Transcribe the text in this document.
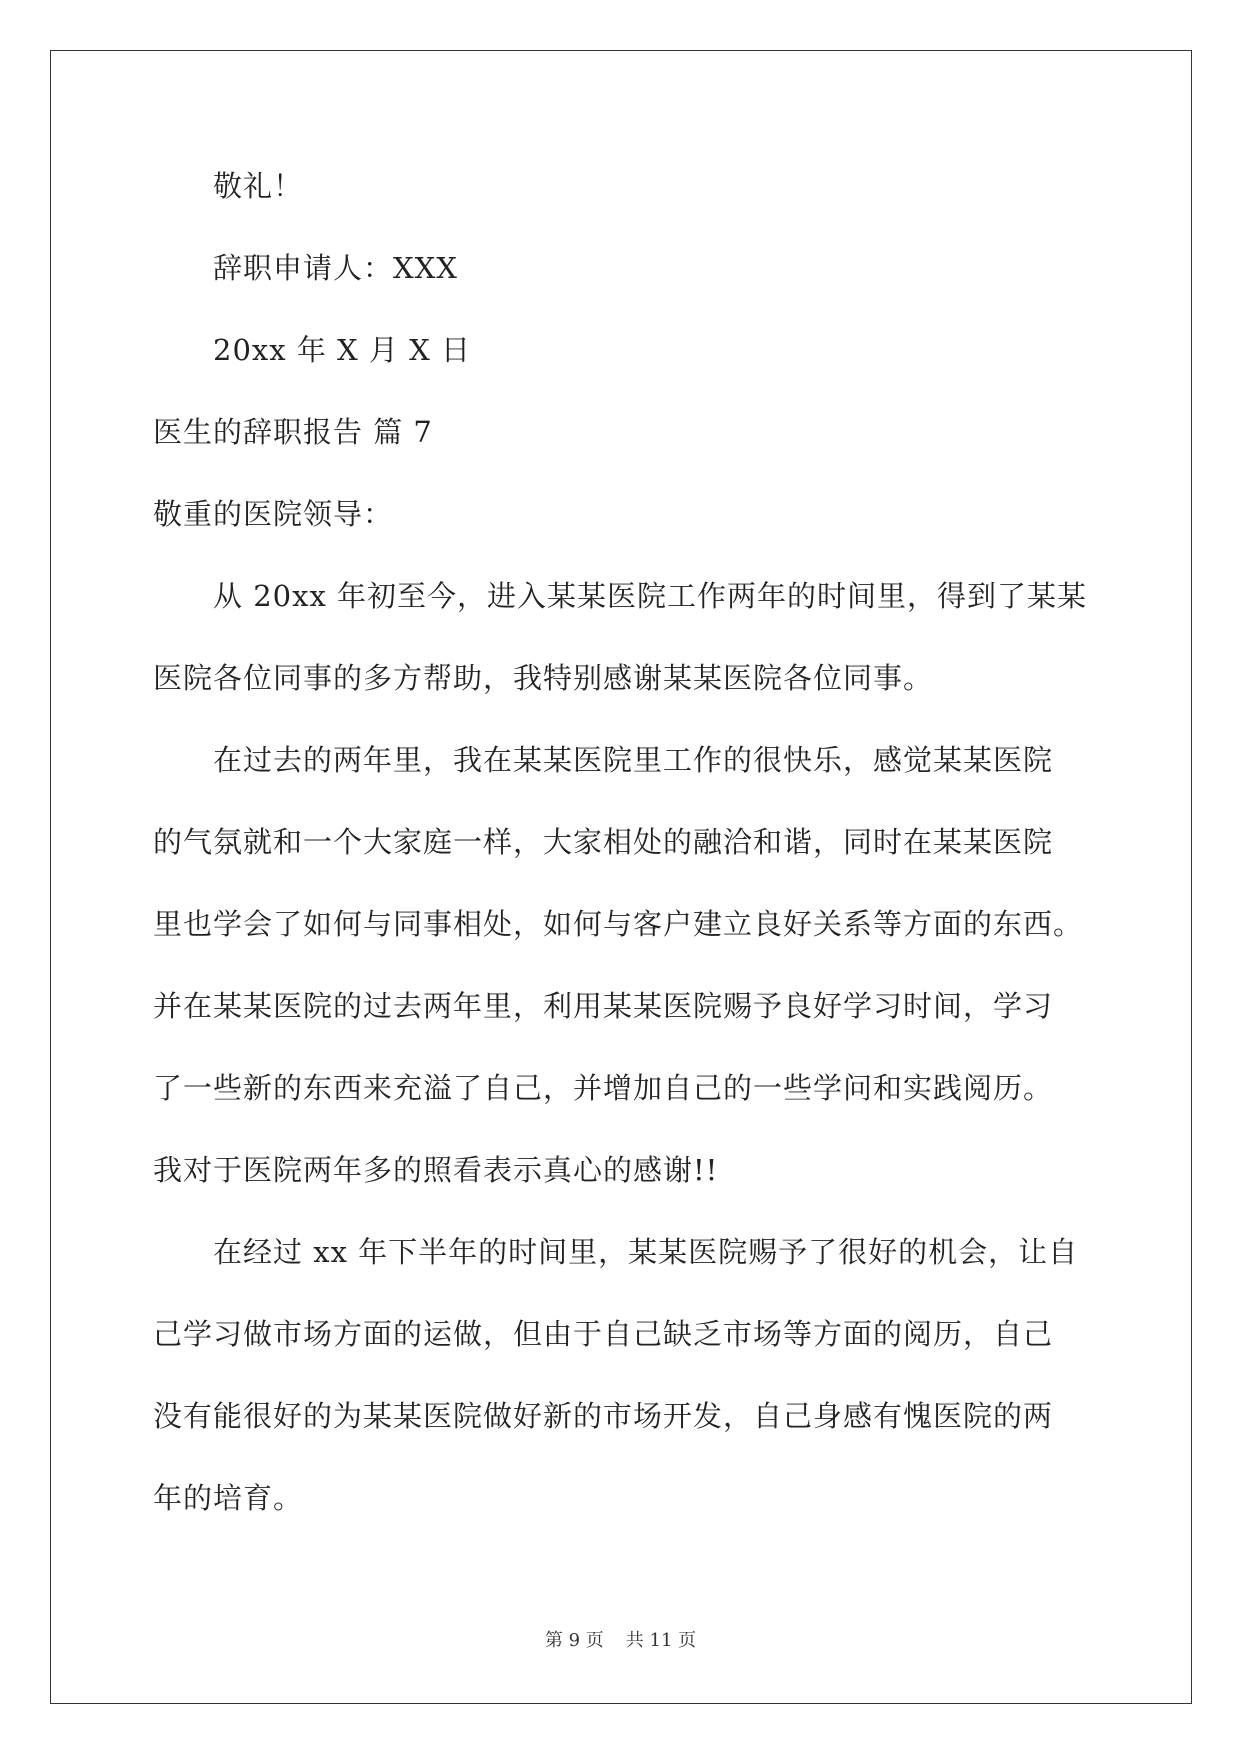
　　敬礼！

　　辞职申请人：XXX

　　20xx 年 X 月 X 日

医生的辞职报告 篇 7

敬重的医院领导：

　　从 20xx 年初至今，进入某某医院工作两年的时间里，得到了某某

医院各位同事的多方帮助，我特别感谢某某医院各位同事。

　　在过去的两年里，我在某某医院里工作的很快乐，感觉某某医院

的气氛就和一个大家庭一样，大家相处的融洽和谐，同时在某某医院

里也学会了如何与同事相处，如何与客户建立良好关系等方面的东西。

并在某某医院的过去两年里，利用某某医院赐予良好学习时间，学习

了一些新的东西来充溢了自己，并增加自己的一些学问和实践阅历。

我对于医院两年多的照看表示真心的感谢!!

　　在经过 xx 年下半年的时间里，某某医院赐予了很好的机会，让自

己学习做市场方面的运做，但由于自己缺乏市场等方面的阅历，自己

没有能很好的为某某医院做好新的市场开发，自己身感有愧医院的两

年的培育。

第 9 页 共 11 页
